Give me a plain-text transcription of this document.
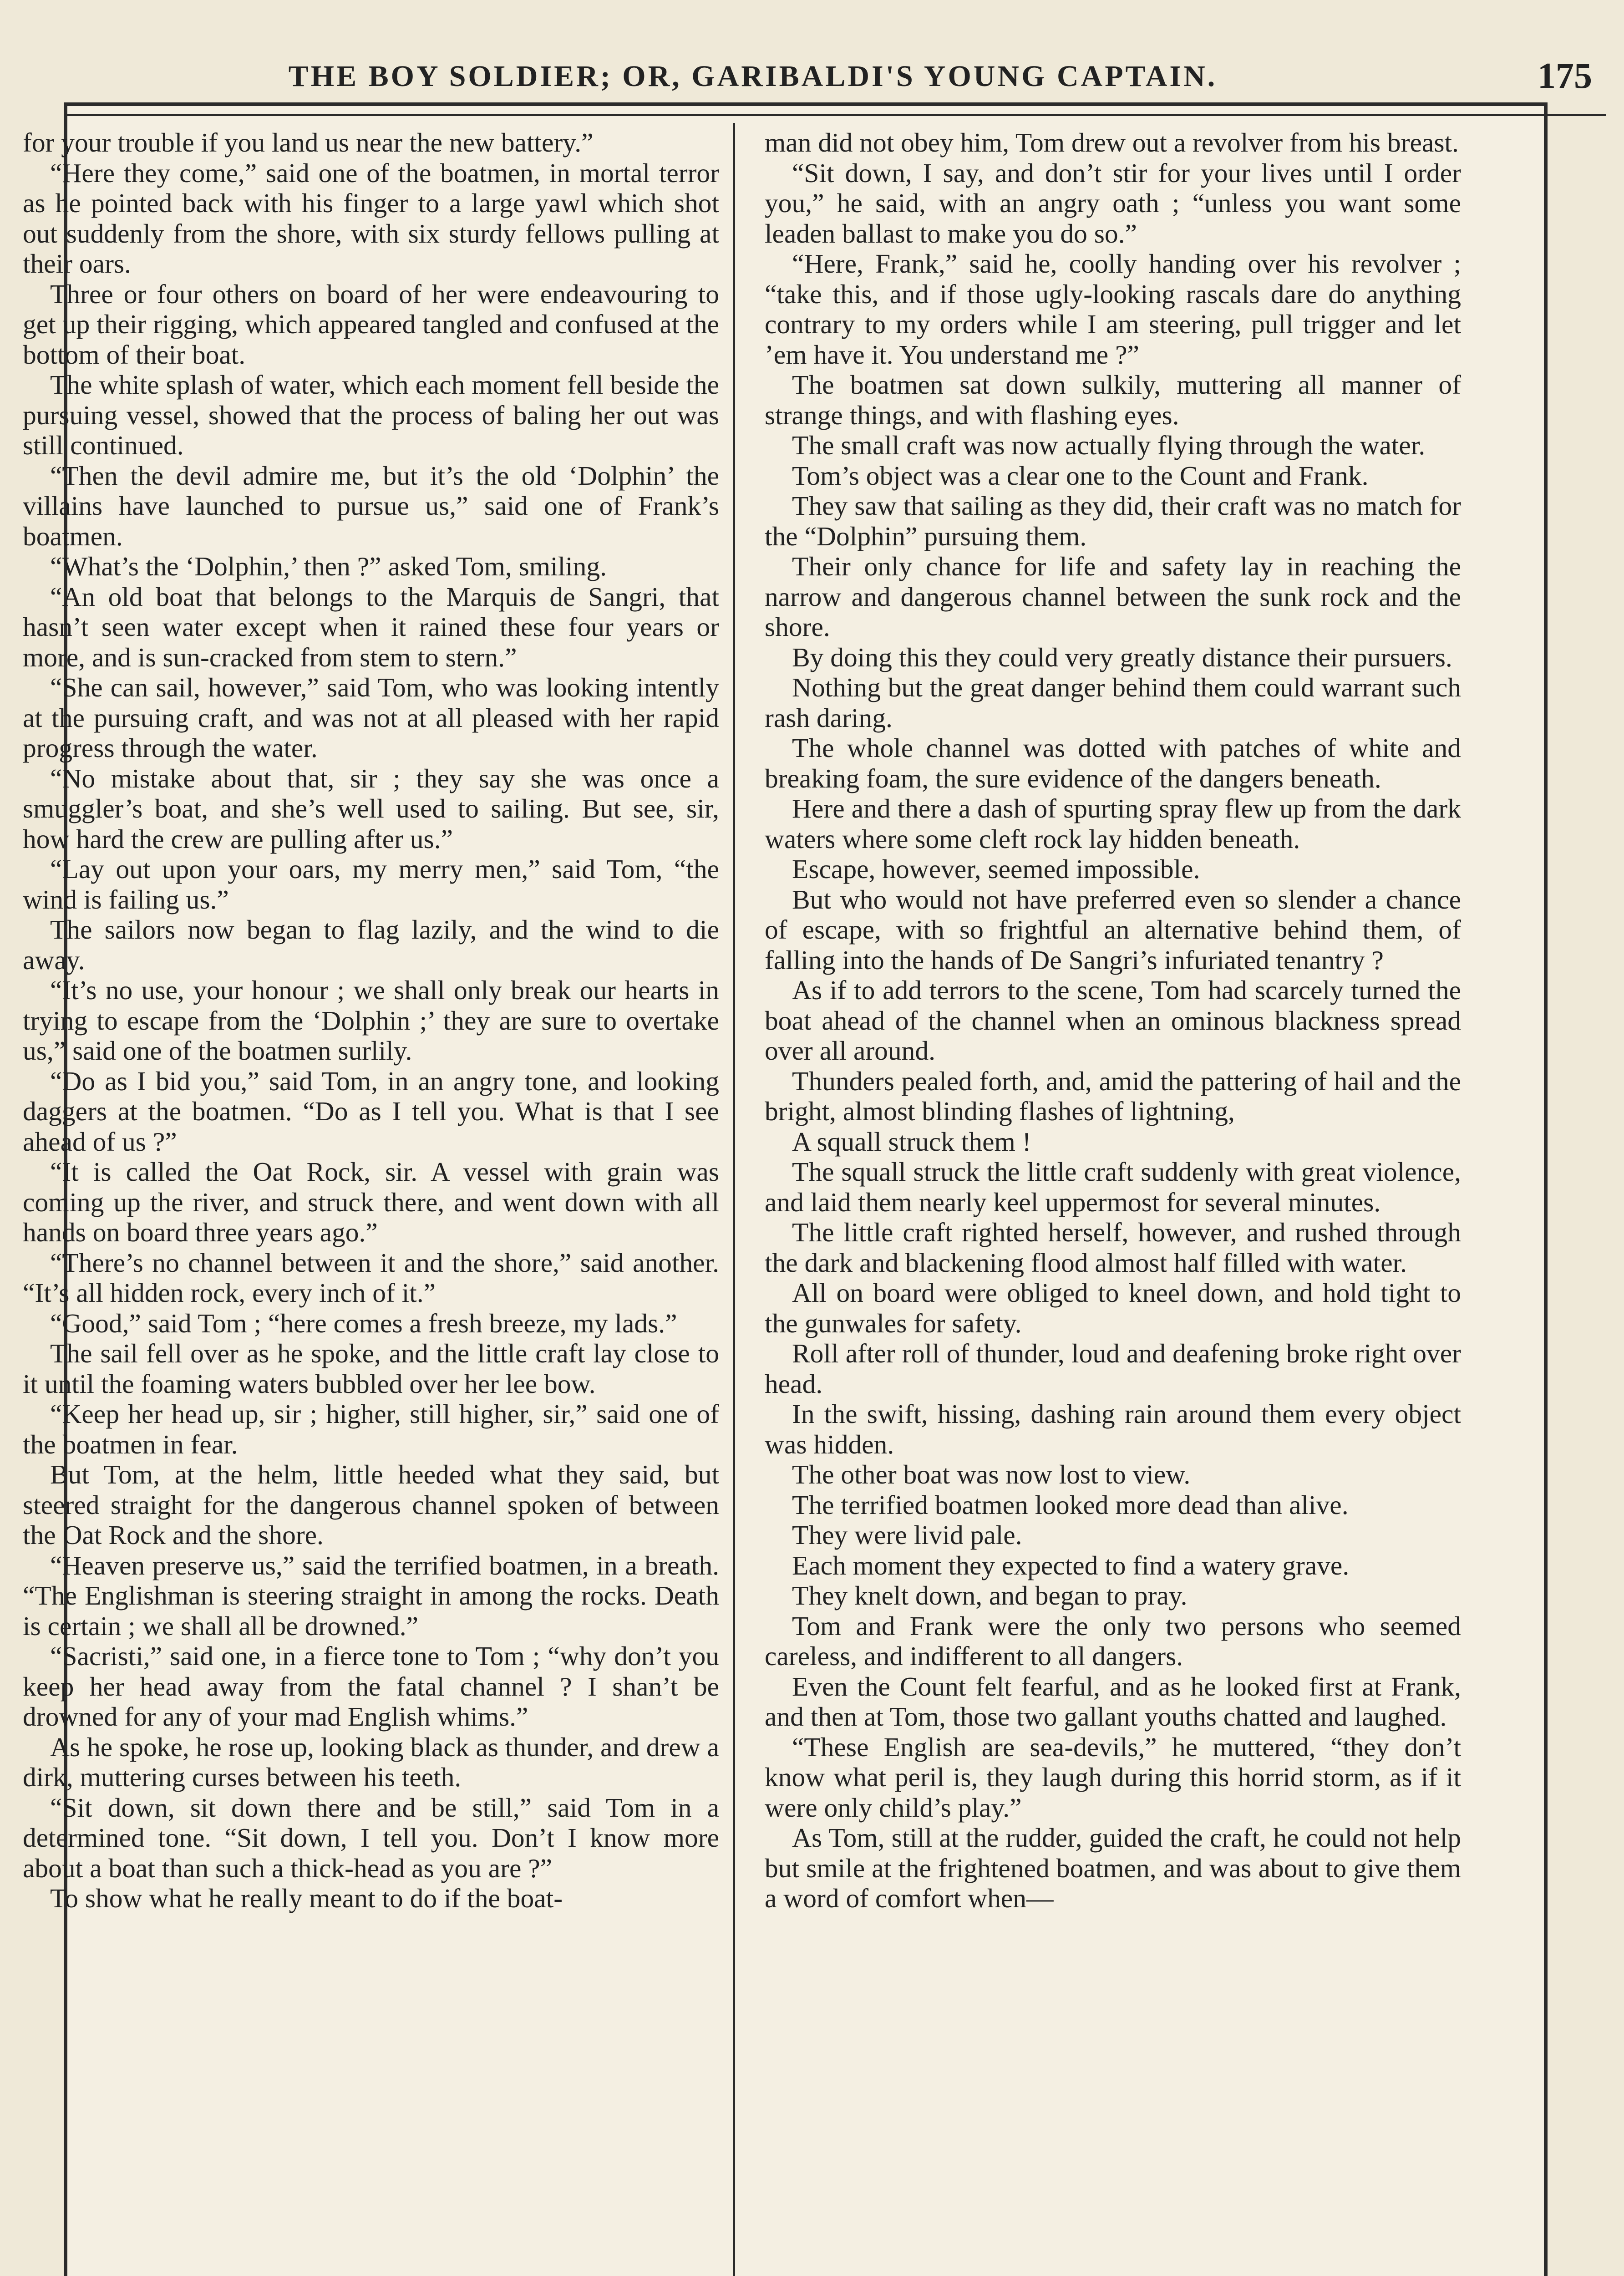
THE BOY SOLDIER; OR, GARIBALDI'S YOUNG CAPTAIN.	175

for your trouble if you land us near the new battery.”

“Here they come,” said one of the boatmen, in mortal terror as he pointed back with his finger to a large yawl which shot out suddenly from the shore, with six sturdy fellows pulling at their oars.

Three or four others on board of her were endeavouring to get up their rigging, which appeared tangled and confused at the bottom of their boat.

The white splash of water, which each moment fell beside the pursuing vessel, showed that the process of baling her out was still continued.

“Then the devil admire me, but it’s the old ‘Dolphin’ the villains have launched to pursue us,” said one of Frank’s boatmen.

“What’s the ‘Dolphin,’ then ?” asked Tom, smiling.

“An old boat that belongs to the Marquis de Sangri, that hasn’t seen water except when it rained these four years or more, and is sun-cracked from stem to stern.”

“She can sail, however,” said Tom, who was looking intently at the pursuing craft, and was not at all pleased with her rapid progress through the water.

“No mistake about that, sir ; they say she was once a smuggler’s boat, and she’s well used to sailing. But see, sir, how hard the crew are pulling after us.”

“Lay out upon your oars, my merry men,” said Tom, “the wind is failing us.”

The sailors now began to flag lazily, and the wind to die away.

“It’s no use, your honour ; we shall only break our hearts in trying to escape from the ‘Dolphin ;’ they are sure to overtake us,” said one of the boatmen surlily.

“Do as I bid you,” said Tom, in an angry tone, and looking daggers at the boatmen. “Do as I tell you. What is that I see ahead of us ?”

“It is called the Oat Rock, sir. A vessel with grain was coming up the river, and struck there, and went down with all hands on board three years ago.”

“There’s no channel between it and the shore,” said another. “It’s all hidden rock, every inch of it.”

“Good,” said Tom ; “here comes a fresh breeze, my lads.”

The sail fell over as he spoke, and the little craft lay close to it until the foaming waters bubbled over her lee bow.

“Keep her head up, sir ; higher, still higher, sir,” said one of the boatmen in fear.

But Tom, at the helm, little heeded what they said, but steered straight for the dangerous channel spoken of between the Oat Rock and the shore.

“Heaven preserve us,” said the terrified boatmen, in a breath. “The Englishman is steering straight in among the rocks. Death is certain ; we shall all be drowned.”

“Sacristi,” said one, in a fierce tone to Tom ; “why don’t you keep her head away from the fatal channel ? I shan’t be drowned for any of your mad English whims.”

As he spoke, he rose up, looking black as thunder, and drew a dirk, muttering curses between his teeth.

“Sit down, sit down there and be still,” said Tom in a determined tone. “Sit down, I tell you. Don’t I know more about a boat than such a thick-head as you are ?”

To show what he really meant to do if the boat-

man did not obey him, Tom drew out a revolver from his breast.

“Sit down, I say, and don’t stir for your lives until I order you,” he said, with an angry oath ; “unless you want some leaden ballast to make you do so.”

“Here, Frank,” said he, coolly handing over his revolver ; “take this, and if those ugly-looking rascals dare do anything contrary to my orders while I am steering, pull trigger and let ’em have it. You understand me ?”

The boatmen sat down sulkily, muttering all manner of strange things, and with flashing eyes.

The small craft was now actually flying through the water.

Tom’s object was a clear one to the Count and Frank.

They saw that sailing as they did, their craft was no match for the “Dolphin” pursuing them.

Their only chance for life and safety lay in reaching the narrow and dangerous channel between the sunk rock and the shore.

By doing this they could very greatly distance their pursuers.

Nothing but the great danger behind them could warrant such rash daring.

The whole channel was dotted with patches of white and breaking foam, the sure evidence of the dangers beneath.

Here and there a dash of spurting spray flew up from the dark waters where some cleft rock lay hidden beneath.

Escape, however, seemed impossible.

But who would not have preferred even so slender a chance of escape, with so frightful an alternative behind them, of falling into the hands of De Sangri’s infuriated tenantry ?

As if to add terrors to the scene, Tom had scarcely turned the boat ahead of the channel when an ominous blackness spread over all around.

Thunders pealed forth, and, amid the pattering of hail and the bright, almost blinding flashes of lightning,

A squall struck them !

The squall struck the little craft suddenly with great violence, and laid them nearly keel uppermost for several minutes.

The little craft righted herself, however, and rushed through the dark and blackening flood almost half filled with water.

All on board were obliged to kneel down, and hold tight to the gunwales for safety.

Roll after roll of thunder, loud and deafening broke right over head.

In the swift, hissing, dashing rain around them every object was hidden.

The other boat was now lost to view.

The terrified boatmen looked more dead than alive.

They were livid pale.

Each moment they expected to find a watery grave.

They knelt down, and began to pray.

Tom and Frank were the only two persons who seemed careless, and indifferent to all dangers.

Even the Count felt fearful, and as he looked first at Frank, and then at Tom, those two gallant youths chatted and laughed.

“These English are sea-devils,” he muttered, “they don’t know what peril is, they laugh during this horrid storm, as if it were only child’s play.”

As Tom, still at the rudder, guided the craft, he could not help but smile at the frightened boatmen, and was about to give them a word of comfort when—
